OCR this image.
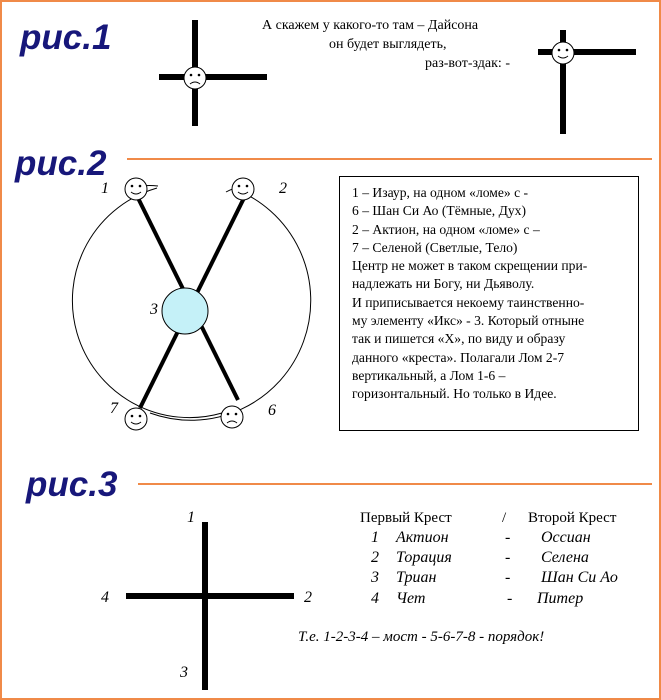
рис.1	А скажем у какого-то там – Дайсона
он будет выглядеть,
раз-вот-здак: -
рис.2
1	2
3
7	6
1 – Изаур, на одном «ломе» с -
6 – Шан Си Ао (Тёмные, Дух)
2 – Актион, на одном «ломе» с –
7 – Селеной (Светлые, Тело)
Центр не может в таком скрещении при-
надлежать ни Богу, ни Дьяволу.
И приписывается некоему таинственно-
му элементу «Икс» - 3. Который отныне
так и пишется «Х», по виду и образу
данного «креста». Полагали Лом 2-7
вертикальный, а Лом 1-6 –
горизонтальный. Но только в Идее.
рис.3
1
2
4
3
Первый Крест	/ Второй Крест
1 Актион	- Оссиан
2 Торация	- Селена
3 Триан	- Шан Си Ао
4 Чет	- Питер
Т.е. 1-2-3-4 – мост - 5-6-7-8 - порядок!
